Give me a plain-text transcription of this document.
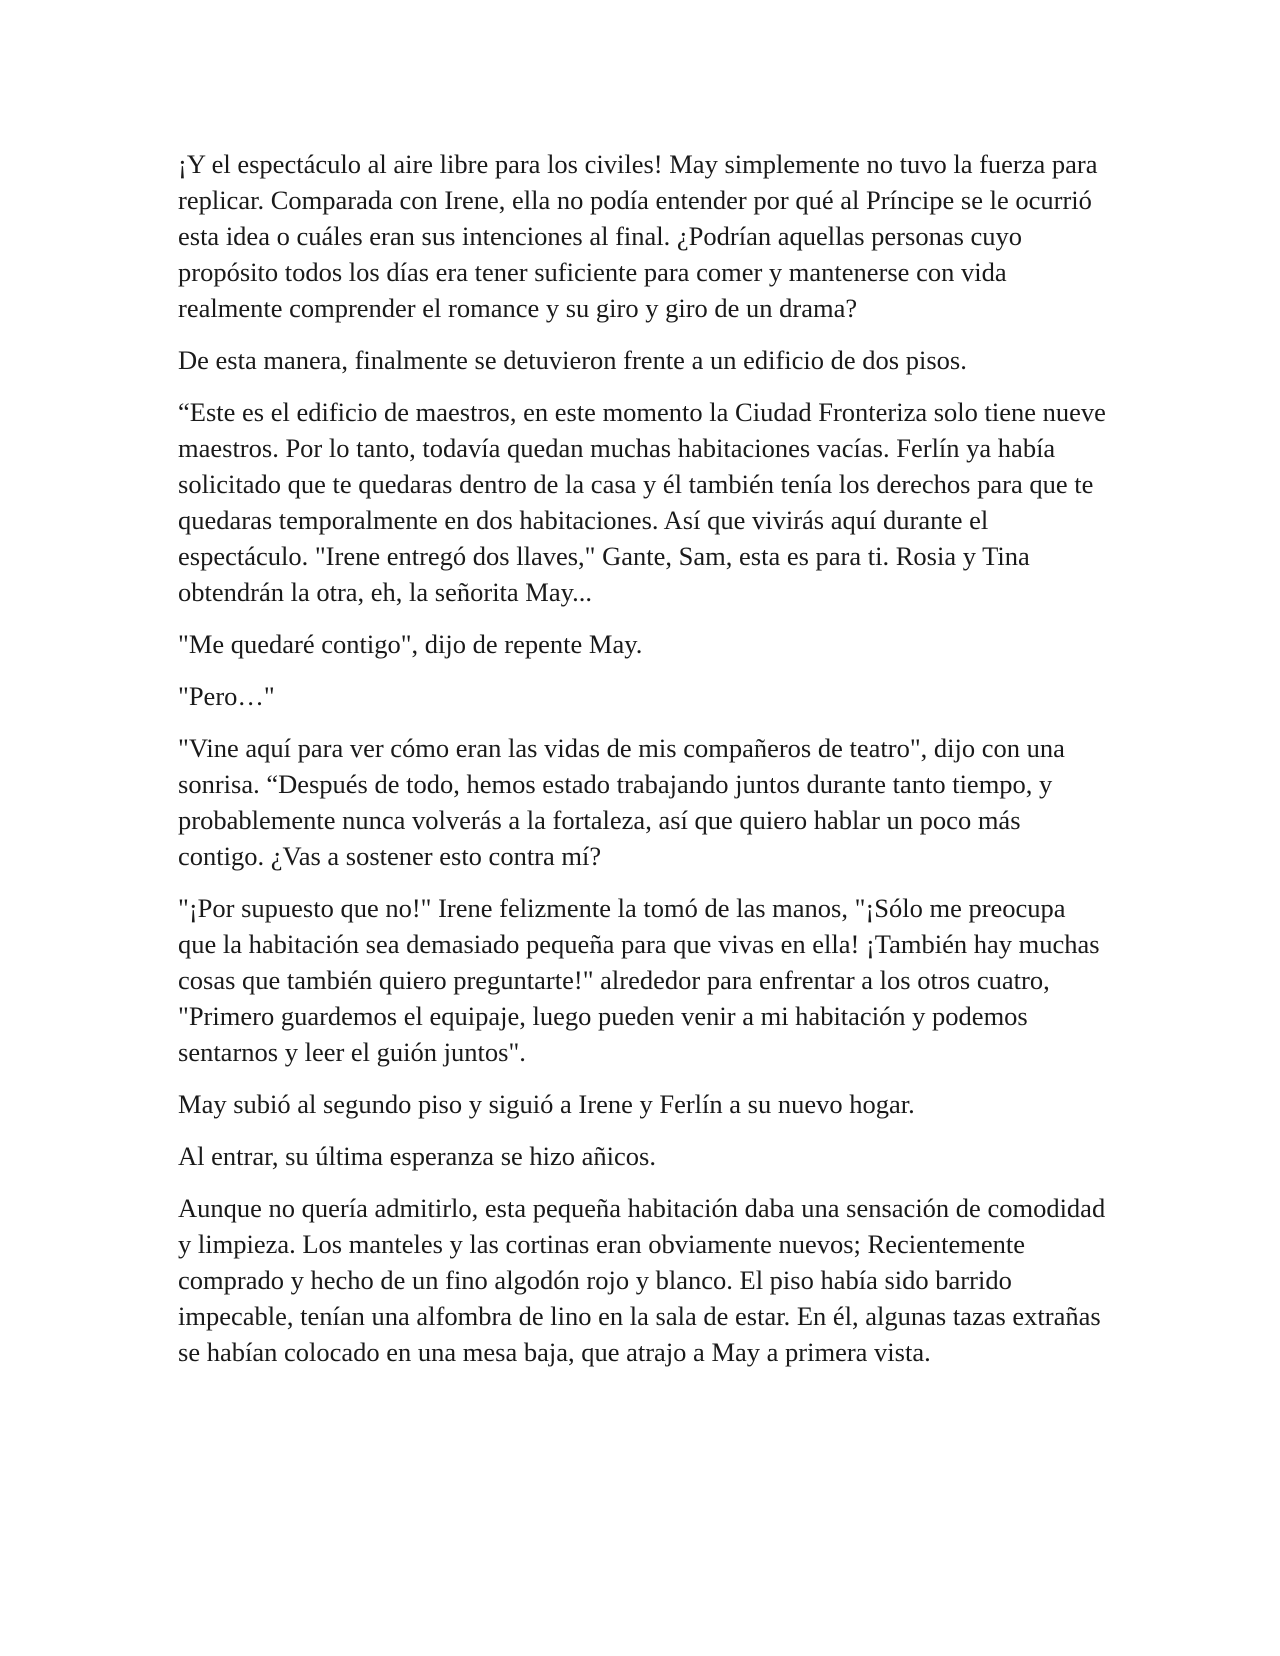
¡Y el espectáculo al aire libre para los civiles! May simplemente no tuvo la fuerza para replicar. Comparada con Irene, ella no podía entender por qué al Príncipe se le ocurrió esta idea o cuáles eran sus intenciones al final. ¿Podrían aquellas personas cuyo propósito todos los días era tener suficiente para comer y mantenerse con vida realmente comprender el romance y su giro y giro de un drama?

De esta manera, finalmente se detuvieron frente a un edificio de dos pisos.

“Este es el edificio de maestros, en este momento la Ciudad Fronteriza solo tiene nueve maestros. Por lo tanto, todavía quedan muchas habitaciones vacías. Ferlín ya había solicitado que te quedaras dentro de la casa y él también tenía los derechos para que te quedaras temporalmente en dos habitaciones. Así que vivirás aquí durante el espectáculo. "Irene entregó dos llaves," Gante, Sam, esta es para ti. Rosia y Tina obtendrán la otra, eh, la señorita May...

"Me quedaré contigo", dijo de repente May.

"Pero…"

"Vine aquí para ver cómo eran las vidas de mis compañeros de teatro", dijo con una sonrisa. “Después de todo, hemos estado trabajando juntos durante tanto tiempo, y probablemente nunca volverás a la fortaleza, así que quiero hablar un poco más contigo. ¿Vas a sostener esto contra mí?

"¡Por supuesto que no!" Irene felizmente la tomó de las manos, "¡Sólo me preocupa que la habitación sea demasiado pequeña para que vivas en ella! ¡También hay muchas cosas que también quiero preguntarte!" alrededor para enfrentar a los otros cuatro, "Primero guardemos el equipaje, luego pueden venir a mi habitación y podemos sentarnos y leer el guión juntos".

May subió al segundo piso y siguió a Irene y Ferlín a su nuevo hogar.

Al entrar, su última esperanza se hizo añicos.

Aunque no quería admitirlo, esta pequeña habitación daba una sensación de comodidad y limpieza. Los manteles y las cortinas eran obviamente nuevos; Recientemente comprado y hecho de un fino algodón rojo y blanco. El piso había sido barrido impecable, tenían una alfombra de lino en la sala de estar. En él, algunas tazas extrañas se habían colocado en una mesa baja, que atrajo a May a primera vista.
